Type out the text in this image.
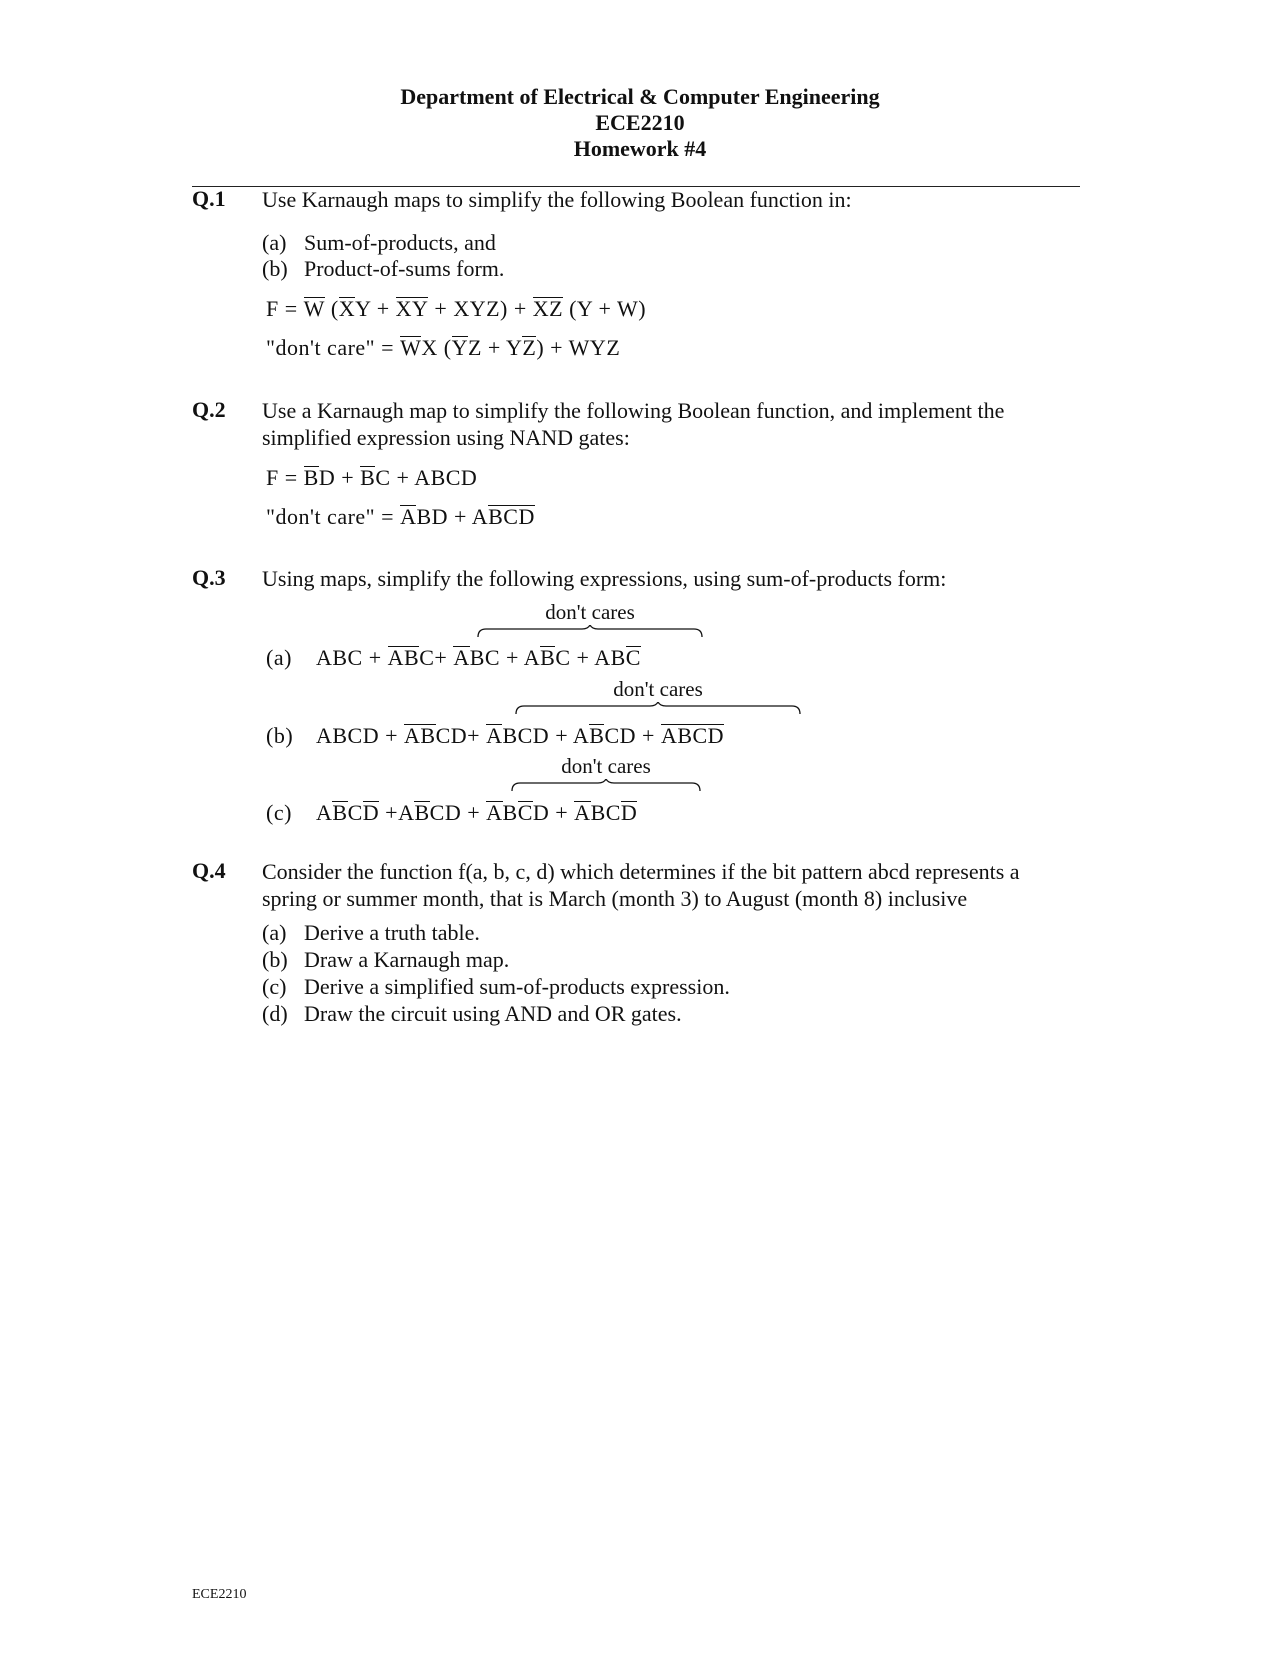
Department of Electrical & Computer Engineering
ECE2210
Homework #4
Q.1 Use Karnaugh maps to simplify the following Boolean function in:
(a) Sum-of-products, and
(b) Product-of-sums form.
F = W (XY + XY + XYZ) + XZ (Y + W)
"don't care" = WX (YZ + YZ) + WYZ
Q.2 Use a Karnaugh map to simplify the following Boolean function, and implement the
simplified expression using NAND gates:
F = BD + BC + ABCD
"don't care" = ABD + ABCD
Q.3 Using maps, simplify the following expressions, using sum-of-products form:
don't cares
(a) ABC + ABC+ ABC + ABC + ABC
don't cares
(b) ABCD + ABCD+ ABCD + ABCD + ABCD
don't cares
(c) ABCD +ABCD + ABCD + ABCD
Q.4 Consider the function f(a, b, c, d) which determines if the bit pattern abcd represents a
spring or summer month, that is March (month 3) to August (month 8) inclusive
(a) Derive a truth table.
(b) Draw a Karnaugh map.
(c) Derive a simplified sum-of-products expression.
(d) Draw the circuit using AND and OR gates.
ECE2210
